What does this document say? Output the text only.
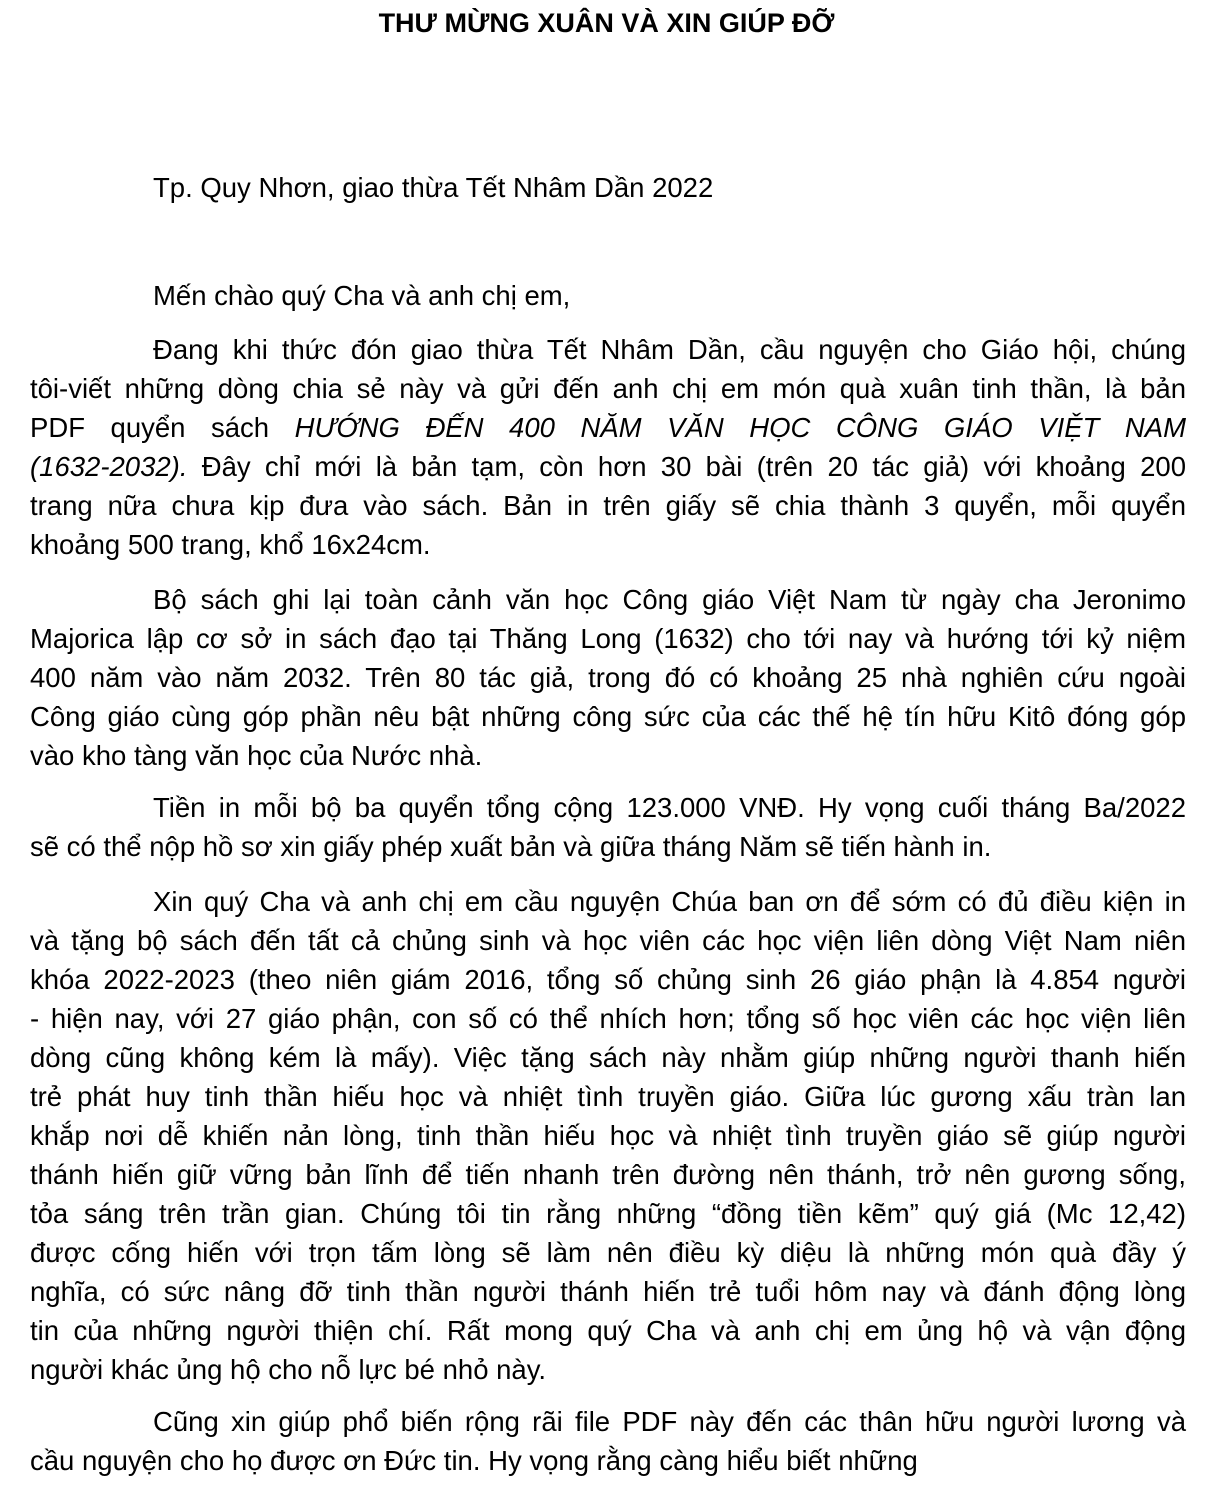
THƯ MỪNG XUÂN VÀ XIN GIÚP ĐỠ
Tp. Quy Nhơn, giao thừa Tết Nhâm Dần 2022
Mến chào quý Cha và anh chị em,
Đang khi thức đón giao thừa Tết Nhâm Dần, cầu nguyện cho Giáo hội, chúng
tôi-viết những dòng chia sẻ này và gửi đến anh chị em món quà xuân tinh thần, là bản
PDF quyển sách HƯỚNG ĐẾN 400 NĂM VĂN HỌC CÔNG GIÁO VIỆT NAM
(1632-2032). Đây chỉ mới là bản tạm, còn hơn 30 bài (trên 20 tác giả) với khoảng 200
trang nữa chưa kịp đưa vào sách. Bản in trên giấy sẽ chia thành 3 quyển, mỗi quyển
khoảng 500 trang, khổ 16x24cm.
Bộ sách ghi lại toàn cảnh văn học Công giáo Việt Nam từ ngày cha Jeronimo
Majorica lập cơ sở in sách đạo tại Thăng Long (1632) cho tới nay và hướng tới kỷ niệm
400 năm vào năm 2032. Trên 80 tác giả, trong đó có khoảng 25 nhà nghiên cứu ngoài
Công giáo cùng góp phần nêu bật những công sức của các thế hệ tín hữu Kitô đóng góp
vào kho tàng văn học của Nước nhà.
Tiền in mỗi bộ ba quyển tổng cộng 123.000 VNĐ. Hy vọng cuối tháng Ba/2022
sẽ có thể nộp hồ sơ xin giấy phép xuất bản và giữa tháng Năm sẽ tiến hành in.
Xin quý Cha và anh chị em cầu nguyện Chúa ban ơn để sớm có đủ điều kiện in
và tặng bộ sách đến tất cả chủng sinh và học viên các học viện liên dòng Việt Nam niên
khóa 2022-2023 (theo niên giám 2016, tổng số chủng sinh 26 giáo phận là 4.854 người
- hiện nay, với 27 giáo phận, con số có thể nhích hơn; tổng số học viên các học viện liên
dòng cũng không kém là mấy). Việc tặng sách này nhằm giúp những người thanh hiến
trẻ phát huy tinh thần hiếu học và nhiệt tình truyền giáo. Giữa lúc gương xấu tràn lan
khắp nơi dễ khiến nản lòng, tinh thần hiếu học và nhiệt tình truyền giáo sẽ giúp người
thánh hiến giữ vững bản lĩnh để tiến nhanh trên đường nên thánh, trở nên gương sống,
tỏa sáng trên trần gian. Chúng tôi tin rằng những “đồng tiền kẽm” quý giá (Mc 12,42)
được cống hiến với trọn tấm lòng sẽ làm nên điều kỳ diệu là những món quà đầy ý
nghĩa, có sức nâng đỡ tinh thần người thánh hiến trẻ tuổi hôm nay và đánh động lòng
tin của những người thiện chí. Rất mong quý Cha và anh chị em ủng hộ và vận động
người khác ủng hộ cho nỗ lực bé nhỏ này.
Cũng xin giúp phổ biến rộng rãi file PDF này đến các thân hữu người lương và
cầu nguyện cho họ được ơn Đức tin. Hy vọng rằng càng hiểu biết những
